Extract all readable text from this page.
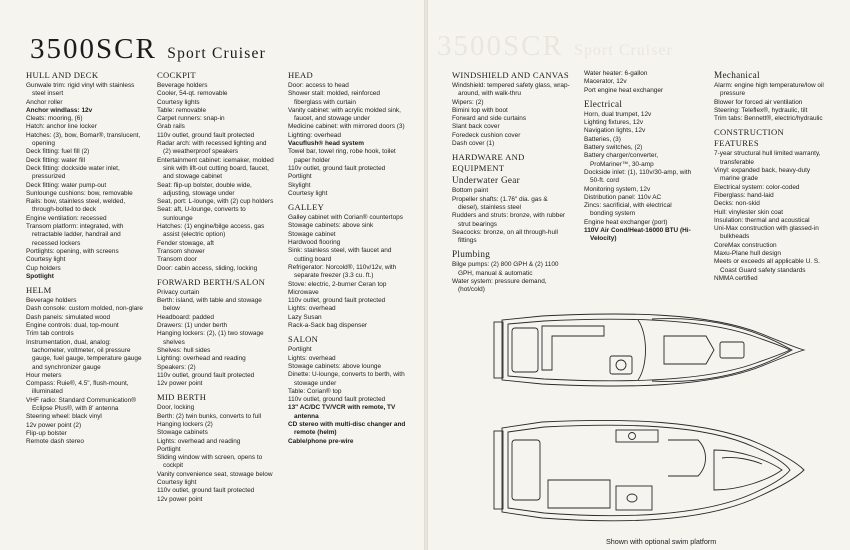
3500SCR Sport Cruiser	3500SCR Sport Cruiser
HULL AND DECK
Gunwale trim: rigid vinyl with stainless steel insert
Anchor roller
Anchor windlass: 12v
Cleats: mooring, (6)
Hatch: anchor line locker
Hatches: (3), bow, Bomar®, translucent, opening
Deck fitting: fuel fill (2)
Deck fitting: water fill
Deck fitting: dockside water inlet, pressurized
Deck fitting: water pump-out
Sunlounge cushions: bow, removable
Rails: bow, stainless steel, welded, through-bolted to deck
Engine ventilation: recessed
Transom platform: integrated, with retractable ladder, handrail and recessed lockers
Portlights: opening, with screens
Courtesy light
Cup holders
Spotlight
HELM
Beverage holders
Dash console: custom molded, non-glare
Dash panels: simulated wood
Engine controls: dual, top-mount
Trim tab controls
Instrumentation, dual, analog: tachometer, voltmeter, oil pressure gauge, fuel gauge, temperature gauge and synchronizer gauge
Hour meters
Compass: Ruie®, 4.5", flush-mount, illuminated
VHF radio: Standard Communication® Eclipse Plus®, with 8' antenna
Steering wheel: black vinyl
12v power point (2)
Flip-up bolster
Remote dash stereo
COCKPIT
Beverage holders
Cooler, 54-qt. removable
Courtesy lights
Table: removable
Carpet runners: snap-in
Grab rails
110v outlet, ground fault protected
Radar arch: with recessed lighting and (2) weatherproof speakers
Entertainment cabinet: icemaker, molded sink with lift-out cutting board, faucet, and stowage cabinet
Seat: flip-up bolster, double wide, adjusting, stowage under
Seat, port: L-lounge, with (2) cup holders
Seat: aft, U-lounge, converts to sunlounge
Hatches: (1) engine/bilge access, gas assist (electric option)
Fender stowage, aft
Transom shower
Transom door
Door: cabin access, sliding, locking
FORWARD BERTH/SALON
Privacy curtain
Berth: island, with table and stowage below
Headboard: padded
Drawers: (1) under berth
Hanging lockers: (2), (1) two stowage shelves
Shelves: hull sides
Lighting: overhead and reading
Speakers: (2)
110v outlet, ground fault protected
12v power point
MID BERTH
Door, locking
Berth: (2) twin bunks, converts to full
Hanging lockers (2)
Stowage cabinets
Lights: overhead and reading
Portlight
Sliding window with screen, opens to cockpit
Vanity convenience seat, stowage below
Courtesy light
110v outlet, ground fault protected
12v power point
HEAD
Door: access to head
Shower stall: molded, reinforced fiberglass with curtain
Vanity cabinet: with acrylic molded sink, faucet, and stowage under
Medicine cabinet: with mirrored doors (3)
Lighting: overhead
Vacuflush® head system
Towel bar, towel ring, robe hook, toilet paper holder
110v outlet, ground fault protected
Portlight
Skylight
Courtesy light
GALLEY
Galley cabinet with Corian® countertops
Stowage cabinets: above sink
Stowage cabinet
Hardwood flooring
Sink: stainless steel, with faucet and cutting board
Refrigerator: Norcold®, 110v/12v, with separate freezer (3.3 cu. ft.)
Stove: electric, 2-burner Ceran top
Microwave
110v outlet, ground fault protected
Lights: overhead
Lazy Susan
Rack-a-Sack bag dispenser
SALON
Portlight
Lights: overhead
Stowage cabinets: above lounge
Dinette: U-lounge, converts to berth, with stowage under
Table: Corian® top
110v outlet, ground fault protected
13" AC/DC TV/VCR with remote, TV antenna
CD stereo with multi-disc changer and remote (helm)
Cable/phone pre-wire
WINDSHIELD AND CANVAS
Windshield: tempered safety glass, wrap-around, with walk-thru
Wipers: (2)
Bimini top with boot
Forward and side curtains
Slant back cover
Foredeck cushion cover
Dash cover (1)
HARDWARE AND EQUIPMENT
Underwater Gear
Bottom paint
Propeller shafts: (1.76" dia. gas & diesel), stainless steel
Rudders and struts: bronze, with rubber strut bearings
Seacocks: bronze, on all through-hull fittings
Plumbing
Bilge pumps: (2) 800 GPH & (2) 1100 GPH, manual & automatic
Water system: pressure demand, (hot/cold)
Water heater: 6-gallon
Macerator, 12v
Port engine heat exchanger
Electrical
Horn, dual trumpet, 12v
Lighting fixtures, 12v
Navigation lights, 12v
Batteries, (3)
Battery switches, (2)
Battery charger/converter, ProMariner™, 30-amp
Dockside inlet: (1), 110v/30-amp, with 50-ft. cord
Monitoring system, 12v
Distribution panel: 110v AC
Zincs: sacrificial, with electrical bonding system
Engine heat exchanger (port)
110V Air Cond/Heat-16000 BTU (Hi-Velocity)
Mechanical
Alarm: engine high temperature/low oil pressure
Blower for forced air ventilation
Steering: Teleflex®, hydraulic, tilt
Trim tabs: Bennett®, electric/hydraulic
CONSTRUCTION FEATURES
7-year structural hull limited warranty, transferable
Vinyl: expanded back, heavy-duty marine grade
Electrical system: color-coded
Fiberglass: hand-laid
Decks: non-skid
Hull: vinylester skin coat
Insulation: thermal and acoustical
Uni-Max construction with glassed-in bulkheads
CoreMax construction
Maxu-Plane hull design
Meets or exceeds all applicable U. S. Coast Guard safety standards
NMMA certified
Shown with optional swim platform
